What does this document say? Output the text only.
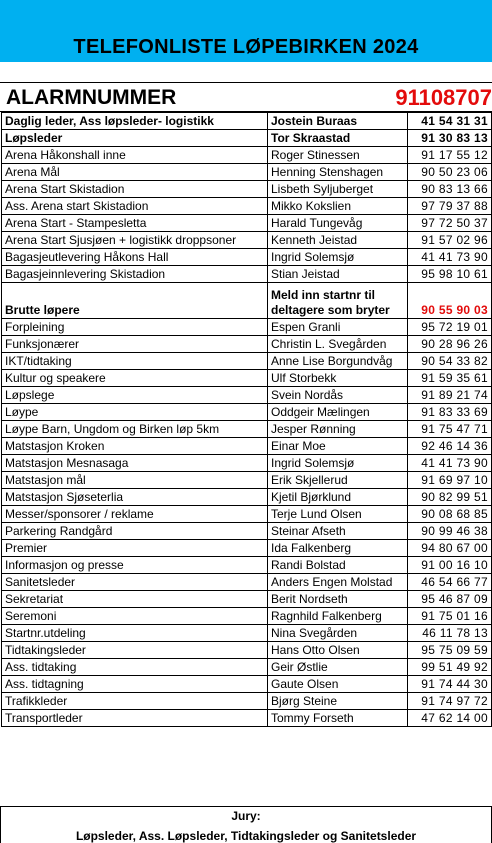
TELEFONLISTE LØPEBIRKEN 2024
ALARMNUMMER	91108707
Daglig leder, Ass løpsleder- logistikk	Jostein Buraas	41 54 31 31
Løpsleder	Tor Skraastad	91 30 83 13
Arena Håkonshall inne	Roger Stinessen	91 17 55 12
Arena Mål	Henning Stenshagen	90 50 23 06
Arena Start Skistadion	Lisbeth Syljuberget	90 83 13 66
Ass. Arena start Skistadion	Mikko Kokslien	97 79 37 88
Arena Start - Stampesletta	Harald Tungevåg	97 72 50 37
Arena Start Sjusjøen + logistikk droppsoner	Kenneth Jeistad	91 57 02 96
Bagasjeutlevering Håkons Hall	Ingrid Solemsjø	41 41 73 90
Bagasjeinnlevering Skistadion	Stian Jeistad	95 98 10 61
Brutte løpere	Meld inn startnr til deltagere som bryter	90 55 90 03
Forpleining	Espen Granli	95 72 19 01
Funksjonærer	Christin L. Svegården	90 28 96 26
IKT/tidtaking	Anne Lise Borgundvåg	90 54 33 82
Kultur og speakere	Ulf Storbekk	91 59 35 61
Løpslege	Svein Nordås	91 89 21 74
Løype	Oddgeir Mælingen	91 83 33 69
Løype Barn, Ungdom og Birken løp 5km	Jesper Rønning	91 75 47 71
Matstasjon Kroken	Einar Moe	92 46 14 36
Matstasjon Mesnasaga	Ingrid Solemsjø	41 41 73 90
Matstasjon mål	Erik Skjellerud	91 69 97 10
Matstasjon Sjøseterlia	Kjetil Bjørklund	90 82 99 51
Messer/sponsorer / reklame	Terje Lund Olsen	90 08 68 85
Parkering Randgård	Steinar Afseth	90 99 46 38
Premier	Ida Falkenberg	94 80 67 00
Informasjon og presse	Randi Bolstad	91 00 16 10
Sanitetsleder	Anders Engen Molstad	46 54 66 77
Sekretariat	Berit Nordseth	95 46 87 09
Seremoni	Ragnhild Falkenberg	91 75 01 16
Startnr.utdeling	Nina Svegården	46 11 78 13
Tidtakingsleder	Hans Otto Olsen	95 75 09 59
Ass. tidtaking	Geir Østlie	99 51 49 92
Ass. tidtagning	Gaute Olsen	91 74 44 30
Trafikkleder	Bjørg Steine	91 74 97 72
Transportleder	Tommy Forseth	47 62 14 00
Jury:
Løpsleder, Ass. Løpsleder, Tidtakingsleder og Sanitetsleder
